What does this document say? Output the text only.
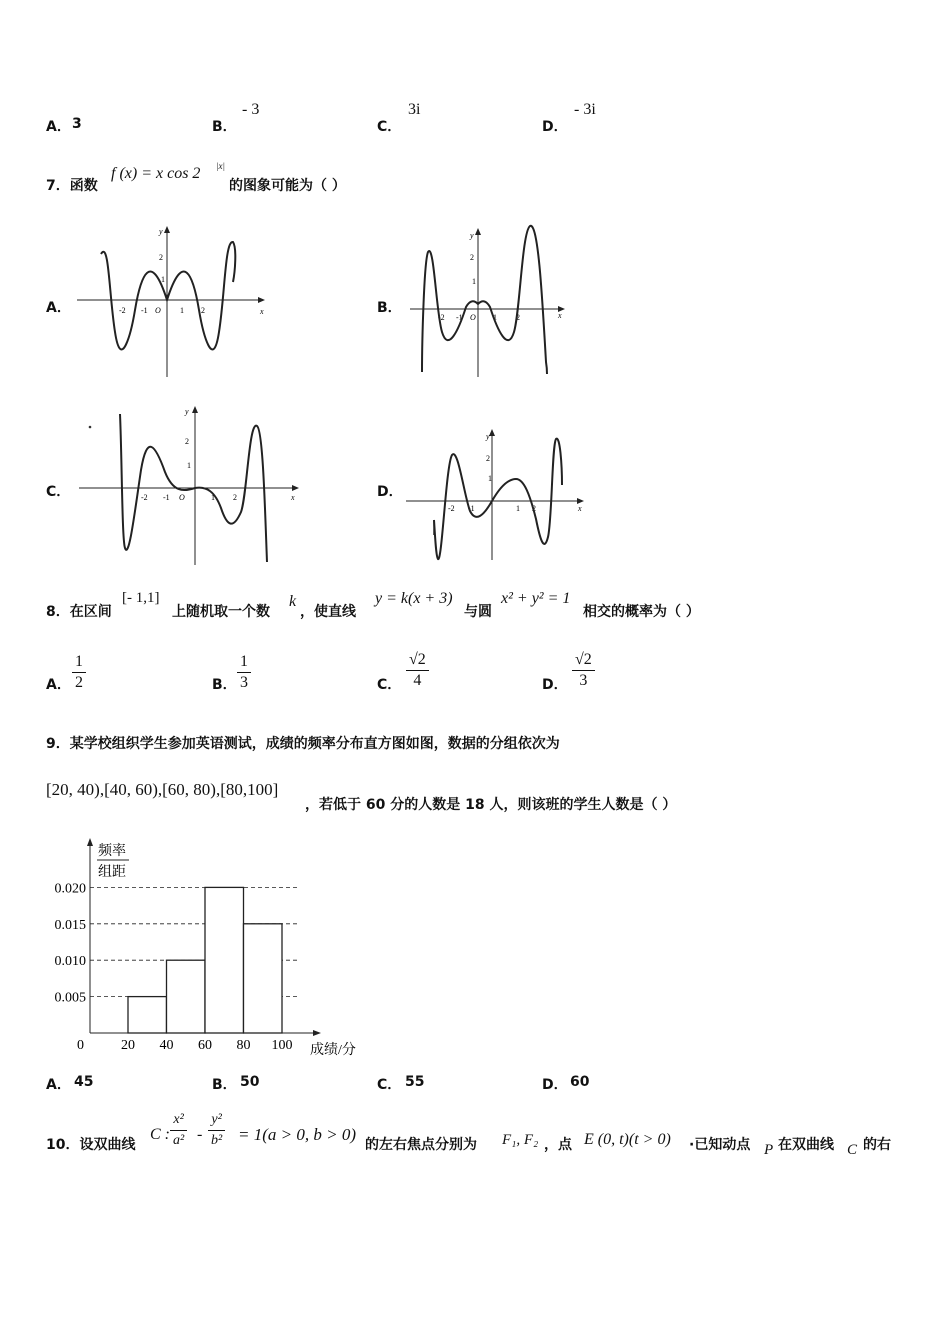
A． 3	B．
- 3
C．
3i
D．
- 3i
7．函数
f (x) = x cos 2 |x|
的图象可能为（ ）
A．	B．
C．	D．
x
y
2
1
-2 -1 O 1 2
x
y
2
1
-2 -1 O 1 2
x
y
2
1
-2 -1 O	1 2
x
y
2
1
-2 -1	1 2
8．在区间
[- 1,1]
上随机取一个数
k
，使直线
y = k(x + 3)
与圆
x² + y² = 1
相交的概率为（ ）
A． $\frac{1}{2}$	B． $\frac{1}{3}$	C． $\frac{√2}{4}$	D． $\frac{√2}{3}$
9．某学校组织学生参加英语测试，成绩的频率分布直方图如图，数据的分组依次为
[20, 40),[40, 60),[60, 80),[80,100]
，若低于 60 分的人数是 18 人，则该班的学生人数是（ ）
0.005
0.010
0.015
0.020
20 40 60 80 100
频率
组距
0	成绩/分
A． 45	B． 50	C． 55	D． 60
10．设双曲线
C : $\frac{\text{x²}}{\text{a²}} - \frac{\text{y²}}{\text{b²}} = 1(a > 0$, b > 0)
的左右焦点分别为 F₁, F₂ ，点 E (0, t)(t > 0) ·已知动点 P 在双曲线 C 的右
